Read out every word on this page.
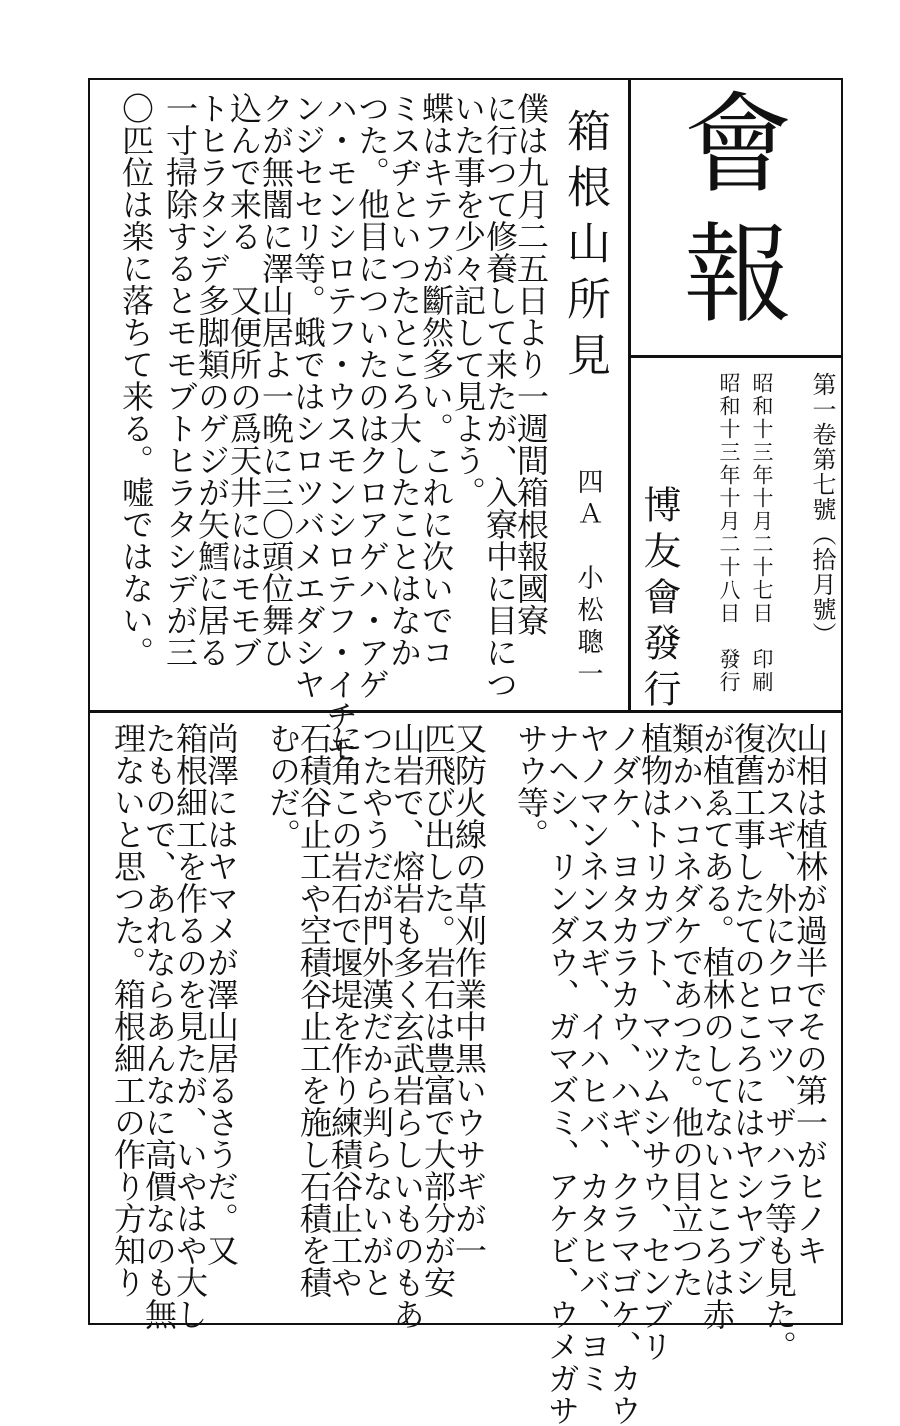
會
報
第一卷第七號（拾月號）
昭和十三年十月二十七日　印刷
昭和十三年十月二十八日　發行
博友會發行
箱根山所見
四Ａ　小松聰一
僕は九月二五日より一週間箱根報國寮
に行つて修養して来たが、入寮中に目につ
いた事を少々記して見よう。
蝶はキテフが斷然多い。これに次いでコ
ミスヂといつたところ大したことはなか
つた。他目についたのはクロアゲハ・アゲ
ハ・モンシロテフ・ウスモンシロテフ・イチモ
ンジセセリ等。蛾ではシロツバメエダシヤ
クが無闇に澤山居よ一晩に三〇頭位舞ひ
込んで来る　又便所の爲天井にはモモブ
トヒラタシデ多脚類のゲジが矢鱈に居る
一寸掃除するとモモブトヒラタシデが三
〇匹位は楽に落ちて来る。嘘ではない。
山相は植林が過半でその第一がヒノキ
次がスギ、外にクロマツ、ザハラ等も見た。
復舊工事したてのところにはヤシヤブシ
が植ゑてある。植林のしてないところは赤
類かハコネダケであつた。他の目立つた
植物はトリカブト、マツムシサウ、センブリ
ノダケ、ヨタカラカウ、ハギ、クラマゴケ、カウ
ヤノマンネンスギ、イハヒバ、カタヒバ、ヨミ
ナヘシ、リンダウ、ガマズミ、アケビ、ウメガサ
サウ等。
又防火線の草刈作業中黒いウサギが一
匹飛び出した。岩石は豊富で大部分が安
山岩で、熔岩も多く玄武岩らしいものもあ
つたやうだが門外漢だから判らないがと
に角この岩石で堰堤を作り練積谷止工や
石積谷止工や空積谷止工を施し石積を積
むのだ。
尚澤にはヤマメが澤山居るさうだ。又
箱根細工を作るのを見たが、いやはや大し
たもので、あれならあんなに高價なのも無
理ないと思つた。箱根細工の作り方知り
